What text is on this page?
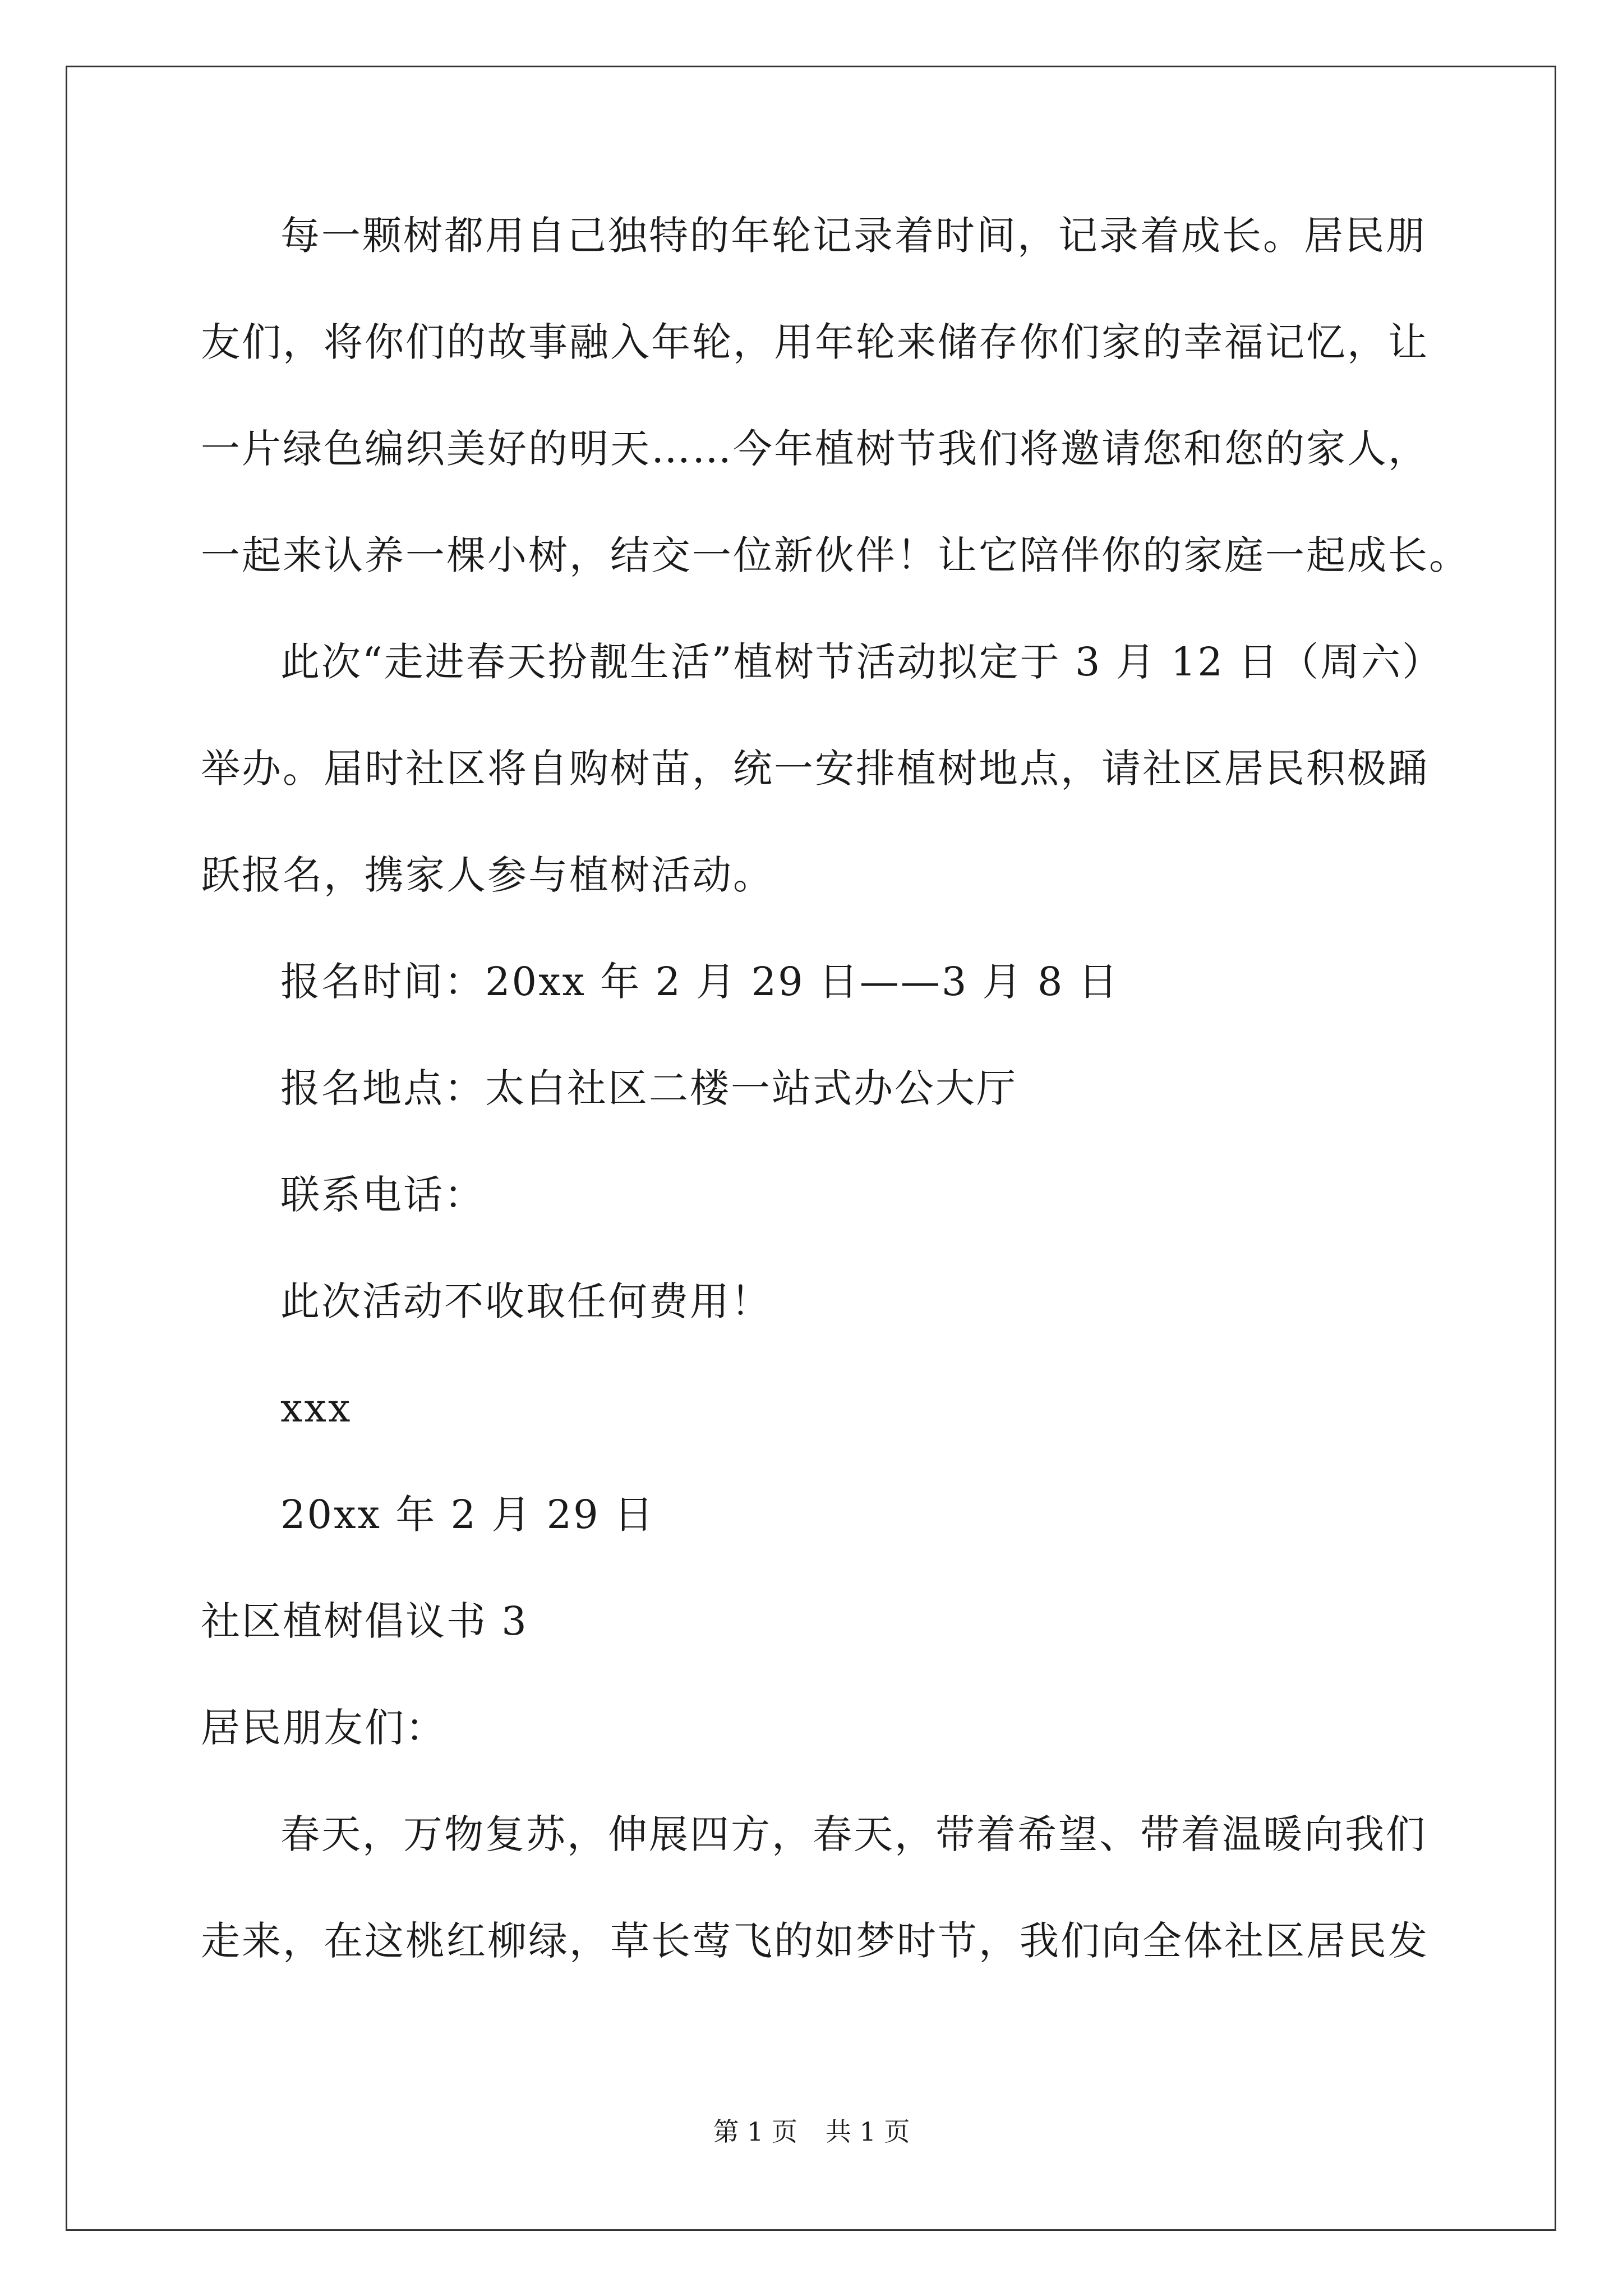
每一颗树都用自己独特的年轮记录着时间，记录着成长。居民朋
友们，将你们的故事融入年轮，用年轮来储存你们家的幸福记忆，让
一片绿色编织美好的明天……今年植树节我们将邀请您和您的家人，
一起来认养一棵小树，结交一位新伙伴！让它陪伴你的家庭一起成长。
此次“走进春天扮靓生活”植树节活动拟定于 3 月 12 日（周六）
举办。届时社区将自购树苗，统一安排植树地点，请社区居民积极踊
跃报名，携家人参与植树活动。
报名时间：20xx 年 2 月 29 日——3 月 8 日
报名地点：太白社区二楼一站式办公大厅
联系电话：
此次活动不收取任何费用！
xxx
20xx 年 2 月 29 日
社区植树倡议书 3
居民朋友们：
春天，万物复苏，伸展四方，春天，带着希望、带着温暖向我们
走来，在这桃红柳绿，草长莺飞的如梦时节，我们向全体社区居民发
第 1 页 共 1 页
